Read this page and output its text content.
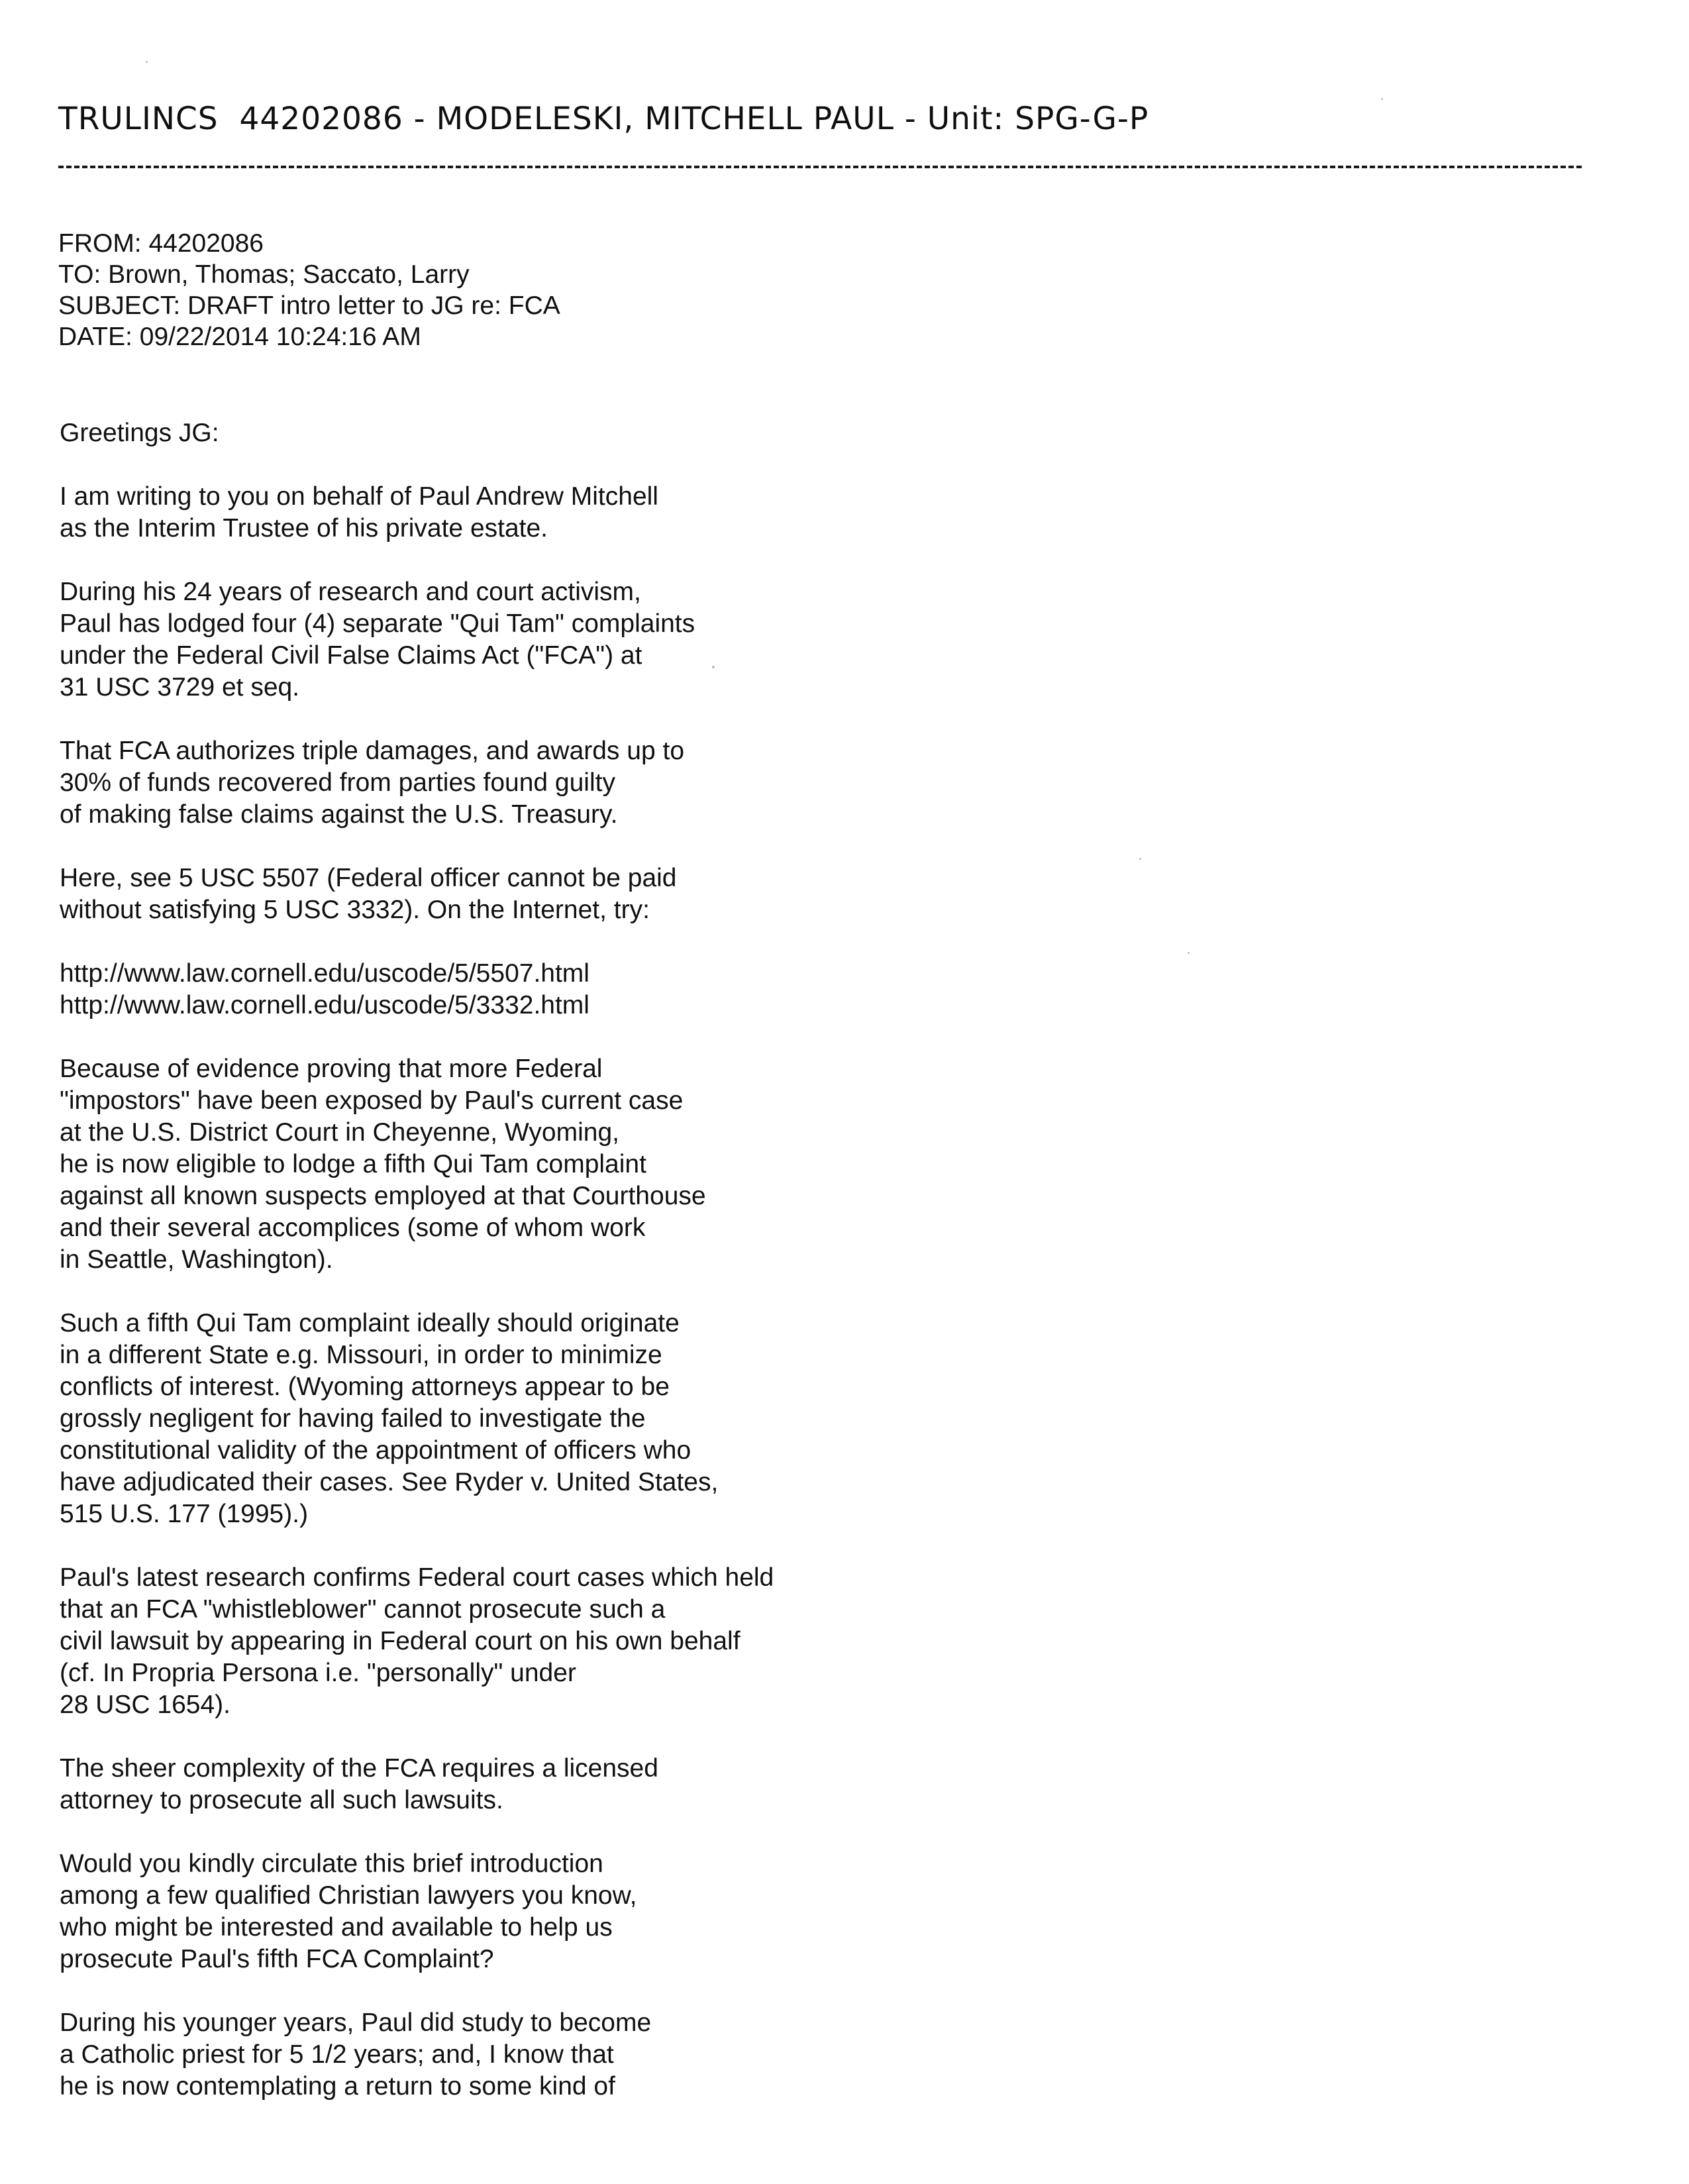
TRULINCS  44202086 - MODELESKI, MITCHELL PAUL - Unit: SPG-G-P
FROM: 44202086
TO: Brown, Thomas; Saccato, Larry
SUBJECT: DRAFT intro letter to JG re: FCA
DATE: 09/22/2014 10:24:16 AM

Greetings JG:

I am writing to you on behalf of Paul Andrew Mitchell
as the Interim Trustee of his private estate.

During his 24 years of research and court activism,
Paul has lodged four (4) separate "Qui Tam" complaints
under the Federal Civil False Claims Act ("FCA") at
31 USC 3729 et seq.

That FCA authorizes triple damages, and awards up to
30% of funds recovered from parties found guilty
of making false claims against the U.S. Treasury.

Here, see 5 USC 5507 (Federal officer cannot be paid
without satisfying 5 USC 3332). On the Internet, try:

http://www.law.cornell.edu/uscode/5/5507.html
http://www.law.cornell.edu/uscode/5/3332.html

Because of evidence proving that more Federal
"impostors" have been exposed by Paul's current case
at the U.S. District Court in Cheyenne, Wyoming,
he is now eligible to lodge a fifth Qui Tam complaint
against all known suspects employed at that Courthouse
and their several accomplices (some of whom work
in Seattle, Washington).

Such a fifth Qui Tam complaint ideally should originate
in a different State e.g. Missouri, in order to minimize
conflicts of interest. (Wyoming attorneys appear to be
grossly negligent for having failed to investigate the
constitutional validity of the appointment of officers who
have adjudicated their cases. See Ryder v. United States,
515 U.S. 177 (1995).)

Paul's latest research confirms Federal court cases which held
that an FCA "whistleblower" cannot prosecute such a
civil lawsuit by appearing in Federal court on his own behalf
(cf. In Propria Persona i.e. "personally" under
28 USC 1654).

The sheer complexity of the FCA requires a licensed
attorney to prosecute all such lawsuits.

Would you kindly circulate this brief introduction
among a few qualified Christian lawyers you know,
who might be interested and available to help us
prosecute Paul's fifth FCA Complaint?

During his younger years, Paul did study to become
a Catholic priest for 5 1/2 years; and, I know that
he is now contemplating a return to some kind of
